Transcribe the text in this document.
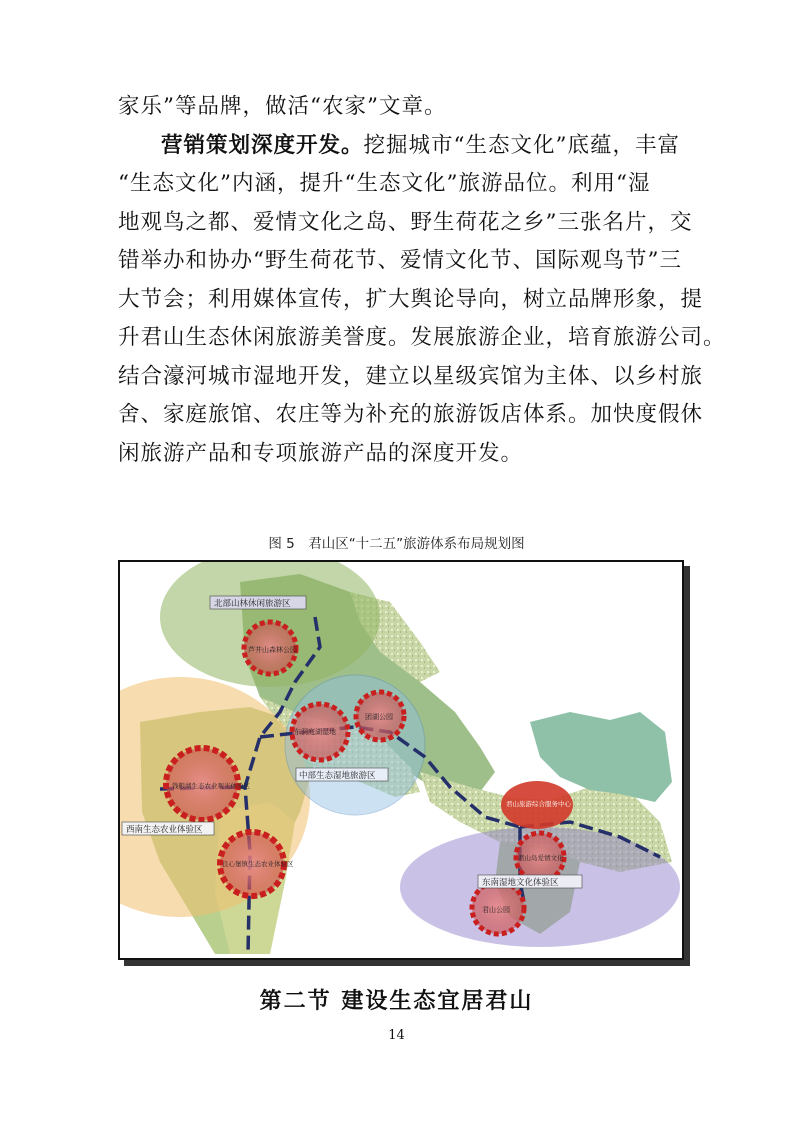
家乐”等品牌，做活“农家”文章。
营销策划深度开发。挖掘城市“生态文化”底蕴，丰富
“生态文化”内涵，提升“生态文化”旅游品位。利用“湿
地观鸟之都、爱情文化之岛、野生荷花之乡”三张名片，交
错举办和协办“野生荷花节、爱情文化节、国际观鸟节”三
大节会；利用媒体宣传，扩大舆论导向，树立品牌形象，提
升君山生态休闲旅游美誉度。发展旅游企业，培育旅游公司。
结合濠河城市湿地开发，建立以星级宾馆为主体、以乡村旅
舍、家庭旅馆、农庄等为补充的旅游饭店体系。加快度假休
闲旅游产品和专项旅游产品的深度开发。
图 5　君山区“十二五”旅游体系布局规划图
北部山林休闲旅游区
芦井山森林公园
东洞庭湖湿地
团湖公园
中部生态湿地旅游区
钱粮湖生态农业观光体验区
西南生态农业体验区
良心堡镇生态农业体验区
君山旅游综合服务中心
君山岛爱情文化
东南湿地文化体验区
君山公园
第二节 建设生态宜居君山
14
